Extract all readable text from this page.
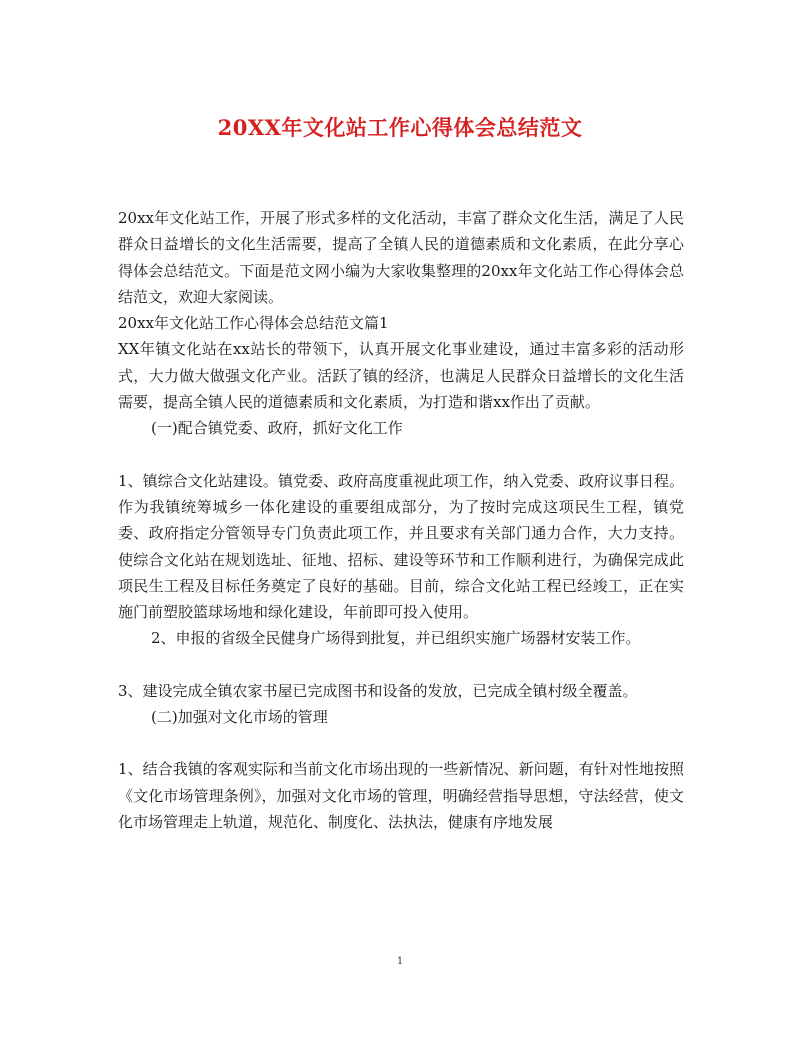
20XX年文化站工作心得体会总结范文

20xx年文化站工作，开展了形式多样的文化活动，丰富了群众文化生活，满足了人民群众日益增长的文化生活需要，提高了全镇人民的道德素质和文化素质，在此分享心得体会总结范文。下面是范文网小编为大家收集整理的20xx年文化站工作心得体会总结范文，欢迎大家阅读。

20xx年文化站工作心得体会总结范文篇1

XX年镇文化站在xx站长的带领下，认真开展文化事业建设，通过丰富多彩的活动形式，大力做大做强文化产业。活跃了镇的经济，也满足人民群众日益增长的文化生活需要，提高全镇人民的道德素质和文化素质，为打造和谐xx作出了贡献。

(一)配合镇党委、政府，抓好文化工作

1、镇综合文化站建设。镇党委、政府高度重视此项工作，纳入党委、政府议事日程。作为我镇统筹城乡一体化建设的重要组成部分，为了按时完成这项民生工程，镇党委、政府指定分管领导专门负责此项工作，并且要求有关部门通力合作，大力支持。使综合文化站在规划选址、征地、招标、建设等环节和工作顺利进行，为确保完成此项民生工程及目标任务奠定了良好的基础。目前，综合文化站工程已经竣工，正在实施门前塑胶篮球场地和绿化建设，年前即可投入使用。

2、申报的省级全民健身广场得到批复，并已组织实施广场器材安装工作。

3、建设完成全镇农家书屋已完成图书和设备的发放，已完成全镇村级全覆盖。

(二)加强对文化市场的管理

1、结合我镇的客观实际和当前文化市场出现的一些新情况、新问题，有针对性地按照《文化市场管理条例》，加强对文化市场的管理，明确经营指导思想，守法经营，使文化市场管理走上轨道，规范化、制度化、法执法，健康有序地发展

1
